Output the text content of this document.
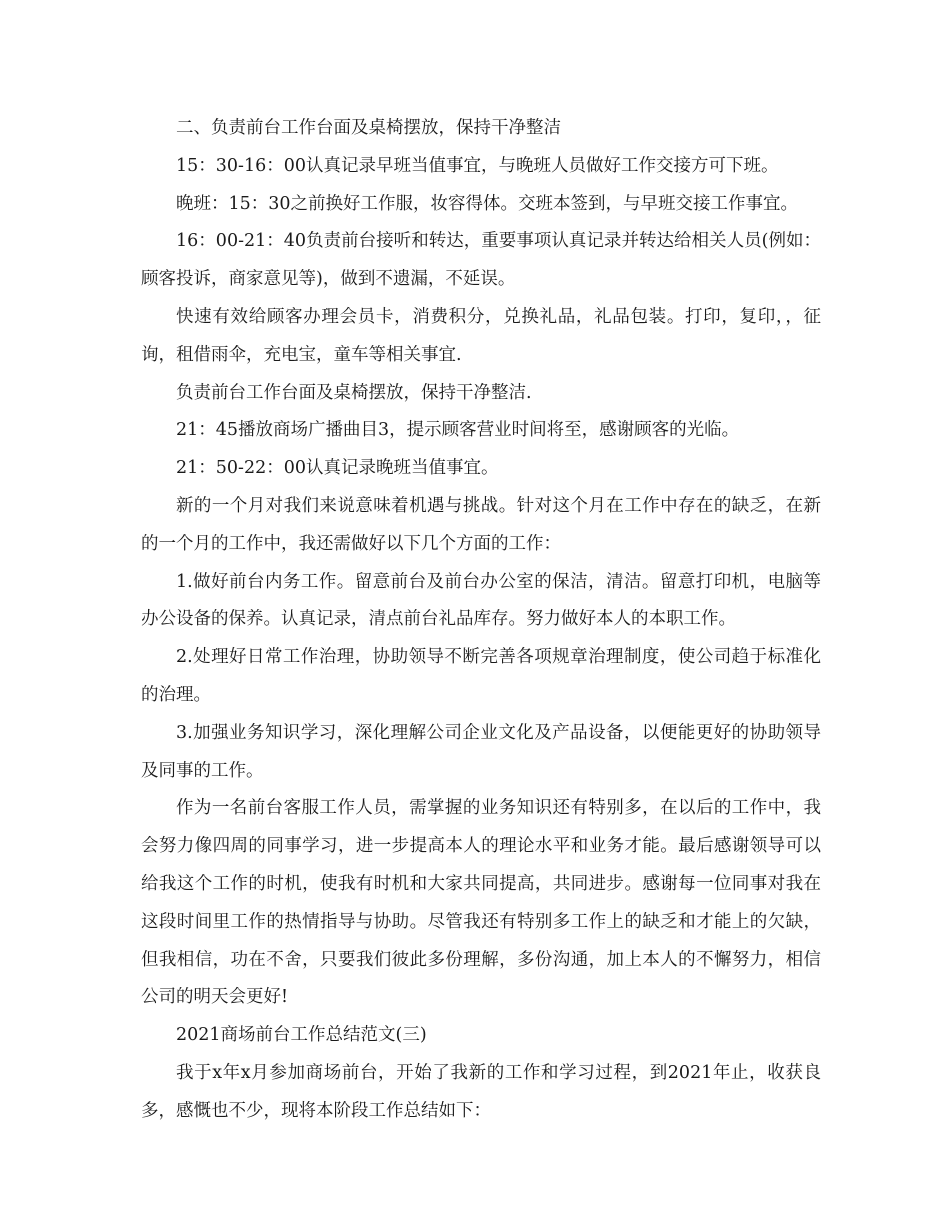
二、负责前台工作台面及桌椅摆放，保持干净整洁

15：30-16：00认真记录早班当值事宜，与晚班人员做好工作交接方可下班。

晚班：15：30之前换好工作服，妆容得体。交班本签到，与早班交接工作事宜。

16：00-21：40负责前台接听和转达，重要事项认真记录并转达给相关人员(例如：顾客投诉，商家意见等)，做到不遗漏，不延误。

快速有效给顾客办理会员卡，消费积分，兑换礼品，礼品包装。打印，复印，，征询，租借雨伞，充电宝，童车等相关事宜.

负责前台工作台面及桌椅摆放，保持干净整洁.

21：45播放商场广播曲目3，提示顾客营业时间将至，感谢顾客的光临。

21：50-22：00认真记录晚班当值事宜。

新的一个月对我们来说意味着机遇与挑战。针对这个月在工作中存在的缺乏，在新的一个月的工作中，我还需做好以下几个方面的工作：

1.做好前台内务工作。留意前台及前台办公室的保洁，清洁。留意打印机，电脑等办公设备的保养。认真记录，清点前台礼品库存。努力做好本人的本职工作。

2.处理好日常工作治理，协助领导不断完善各项规章治理制度，使公司趋于标准化的治理。

3.加强业务知识学习，深化理解公司企业文化及产品设备，以便能更好的协助领导及同事的工作。

作为一名前台客服工作人员，需掌握的业务知识还有特别多，在以后的工作中，我会努力像四周的同事学习，进一步提高本人的理论水平和业务才能。最后感谢领导可以给我这个工作的时机，使我有时机和大家共同提高，共同进步。感谢每一位同事对我在这段时间里工作的热情指导与协助。尽管我还有特别多工作上的缺乏和才能上的欠缺，但我相信，功在不舍，只要我们彼此多份理解，多份沟通，加上本人的不懈努力，相信公司的明天会更好!

2021商场前台工作总结范文(三)

我于x年x月参加商场前台，开始了我新的工作和学习过程，到2021年止，收获良多，感慨也不少，现将本阶段工作总结如下：
